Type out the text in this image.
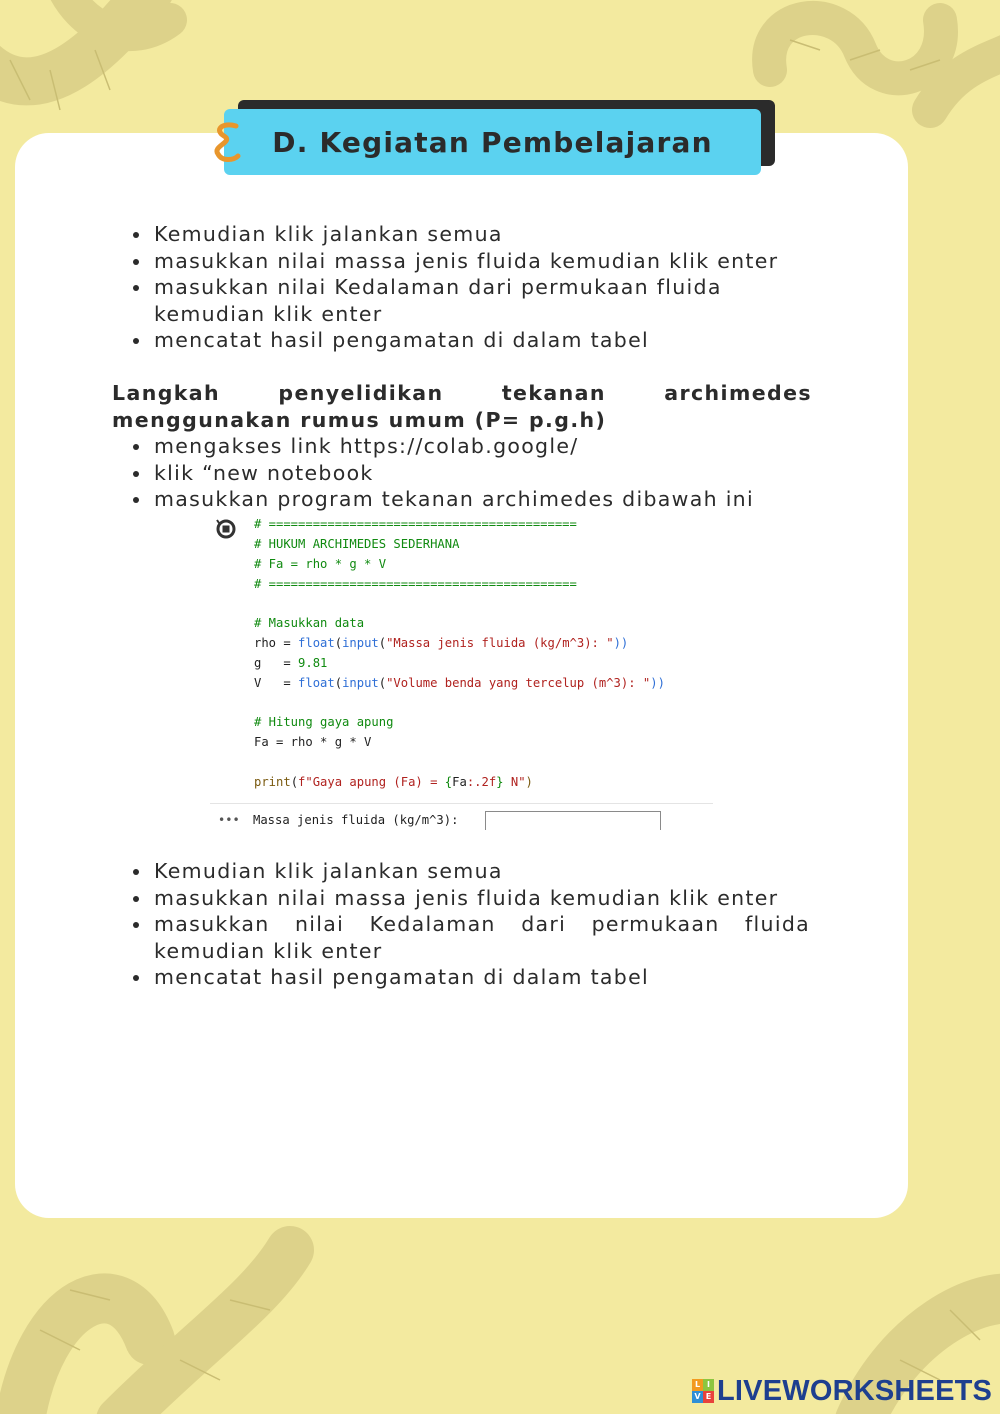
D. Kegiatan Pembelajaran
• Kemudian klik jalankan semua
• masukkan nilai massa jenis fluida kemudian klik enter
• masukkan nilai Kedalaman dari permukaan fluida kemudian klik enter
• mencatat hasil pengamatan di dalam tabel

Langkah penyelidikan tekanan archimedes menggunakan rumus umum (P= p.g.h)

• mengakses link https://colab.google/
• klik “new notebook
• masukkan program tekanan archimedes dibawah ini
# ==========================================
# HUKUM ARCHIMEDES SEDERHANA
# Fa = rho * g * V
# ==========================================

# Masukkan data
rho = float(input("Massa jenis fluida (kg/m^3): "))
g   = 9.81
V   = float(input("Volume benda yang tercelup (m^3): "))

# Hitung gaya apung
Fa = rho * g * V

print(f"Gaya apung (Fa) = {Fa:.2f} N")
••• Massa jenis fluida (kg/m^3):
• Kemudian klik jalankan semua
• masukkan nilai massa jenis fluida kemudian klik enter
• masukkan nilai Kedalaman dari permukaan fluida kemudian klik enter
• mencatat hasil pengamatan di dalam tabel
L I
V E LIVEWORKSHEETS
